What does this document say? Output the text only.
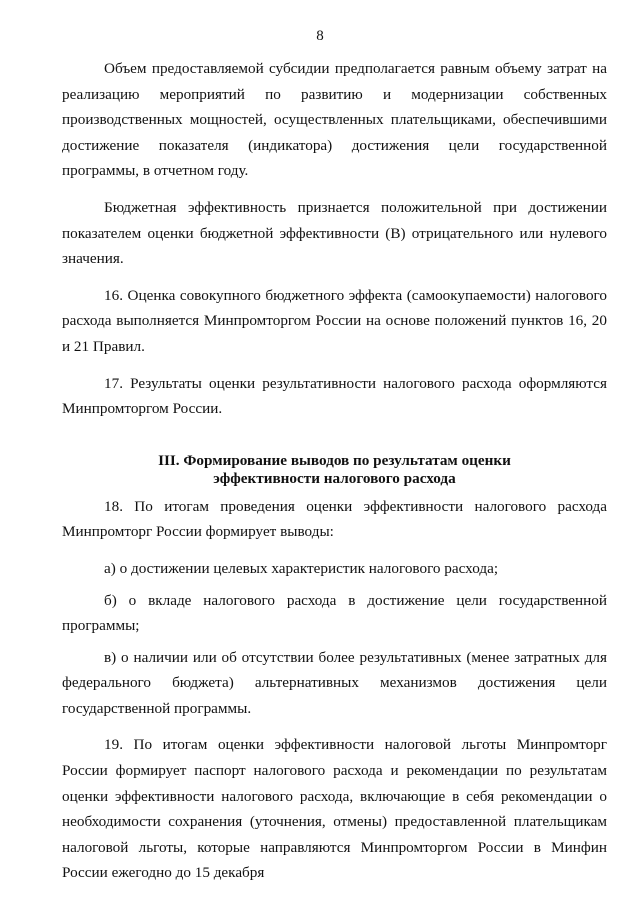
8

Объем предоставляемой субсидии предполагается равным объему затрат на реализацию мероприятий по развитию и модернизации собственных производственных мощностей, осуществленных плательщиками, обеспечившими достижение показателя (индикатора) достижения цели государственной программы, в отчетном году.

Бюджетная эффективность признается положительной при достижении показателем оценки бюджетной эффективности (В) отрицательного или нулевого значения.

16. Оценка совокупного бюджетного эффекта (самоокупаемости) налогового расхода выполняется Минпромторгом России на основе положений пунктов 16, 20 и 21 Правил.

17. Результаты оценки результативности налогового расхода оформляются Минпромторгом России.

III. Формирование выводов по результатам оценки
эффективности налогового расхода

18. По итогам проведения оценки эффективности налогового расхода Минпромторг России формирует выводы:

а) о достижении целевых характеристик налогового расхода;

б) о вкладе налогового расхода в достижение цели государственной программы;

в) о наличии или об отсутствии более результативных (менее затратных для федерального бюджета) альтернативных механизмов достижения цели государственной программы.

19. По итогам оценки эффективности налоговой льготы Минпромторг России формирует паспорт налогового расхода и рекомендации по результатам оценки эффективности налогового расхода, включающие в себя рекомендации о необходимости сохранения (уточнения, отмены) предоставленной плательщикам налоговой льготы, которые направляются Минпромторгом России в Минфин России ежегодно до 15 декабря
